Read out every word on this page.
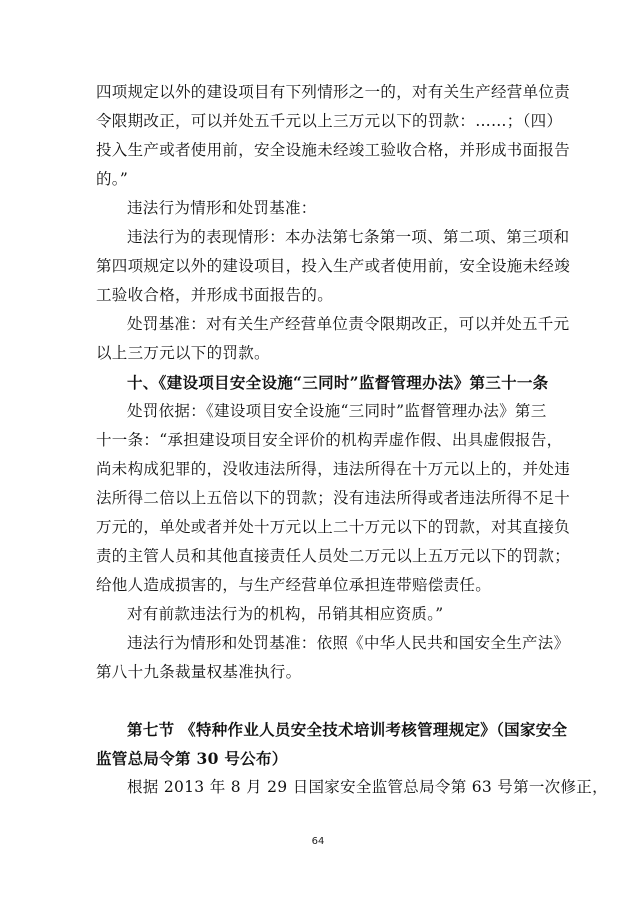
四项规定以外的建设项目有下列情形之一的，对有关生产经营单位责
令限期改正，可以并处五千元以上三万元以下的罚款：……；（四）
投入生产或者使用前，安全设施未经竣工验收合格，并形成书面报告
的。”
违法行为情形和处罚基准：
违法行为的表现情形：本办法第七条第一项、第二项、第三项和
第四项规定以外的建设项目，投入生产或者使用前，安全设施未经竣
工验收合格，并形成书面报告的。
处罚基准：对有关生产经营单位责令限期改正，可以并处五千元
以上三万元以下的罚款。
十、《建设项目安全设施“三同时”监督管理办法》第三十一条
处罚依据：《建设项目安全设施“三同时”监督管理办法》第三
十一条：“承担建设项目安全评价的机构弄虚作假、出具虚假报告，
尚未构成犯罪的，没收违法所得，违法所得在十万元以上的，并处违
法所得二倍以上五倍以下的罚款；没有违法所得或者违法所得不足十
万元的，单处或者并处十万元以上二十万元以下的罚款，对其直接负
责的主管人员和其他直接责任人员处二万元以上五万元以下的罚款；
给他人造成损害的，与生产经营单位承担连带赔偿责任。
对有前款违法行为的机构，吊销其相应资质。”
违法行为情形和处罚基准：依照《中华人民共和国安全生产法》
第八十九条裁量权基准执行。
第七节 《特种作业人员安全技术培训考核管理规定》（国家安全
监管总局令第 30 号公布）
根据 2013 年 8 月 29 日国家安全监管总局令第 63 号第一次修正，
64
